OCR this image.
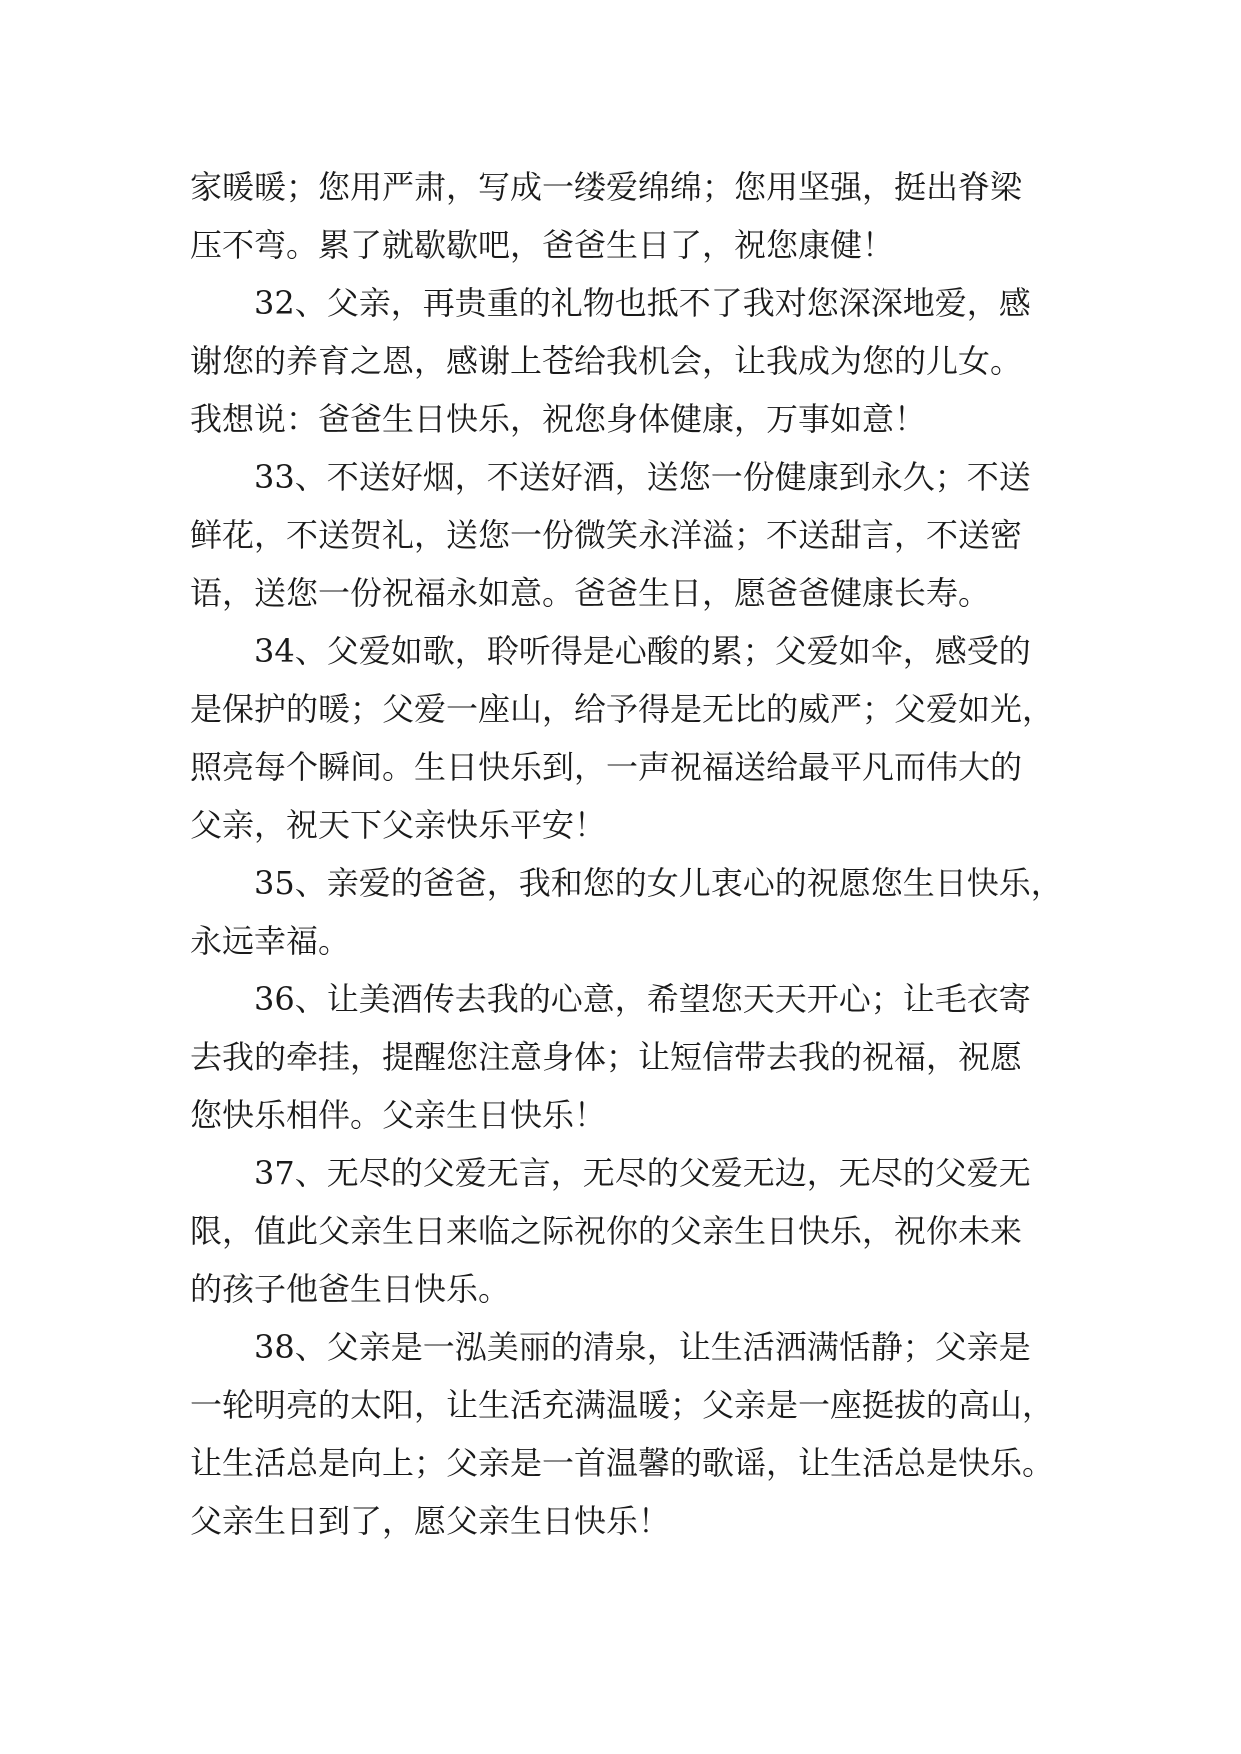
家暖暖；您用严肃，写成一缕爱绵绵；您用坚强，挺出脊梁
压不弯。累了就歇歇吧，爸爸生日了，祝您康健！
32、父亲，再贵重的礼物也抵不了我对您深深地爱，感
谢您的养育之恩，感谢上苍给我机会，让我成为您的儿女。
我想说：爸爸生日快乐，祝您身体健康，万事如意！
33、不送好烟，不送好酒，送您一份健康到永久；不送
鲜花，不送贺礼，送您一份微笑永洋溢；不送甜言，不送密
语，送您一份祝福永如意。爸爸生日，愿爸爸健康长寿。
34、父爱如歌，聆听得是心酸的累；父爱如伞，感受的
是保护的暖；父爱一座山，给予得是无比的威严；父爱如光，
照亮每个瞬间。生日快乐到，一声祝福送给最平凡而伟大的
父亲，祝天下父亲快乐平安！
35、亲爱的爸爸，我和您的女儿衷心的祝愿您生日快乐，
永远幸福。
36、让美酒传去我的心意，希望您天天开心；让毛衣寄
去我的牵挂，提醒您注意身体；让短信带去我的祝福，祝愿
您快乐相伴。父亲生日快乐！
37、无尽的父爱无言，无尽的父爱无边，无尽的父爱无
限，值此父亲生日来临之际祝你的父亲生日快乐，祝你未来
的孩子他爸生日快乐。
38、父亲是一泓美丽的清泉，让生活洒满恬静；父亲是
一轮明亮的太阳，让生活充满温暖；父亲是一座挺拔的高山，
让生活总是向上；父亲是一首温馨的歌谣，让生活总是快乐。
父亲生日到了，愿父亲生日快乐！
